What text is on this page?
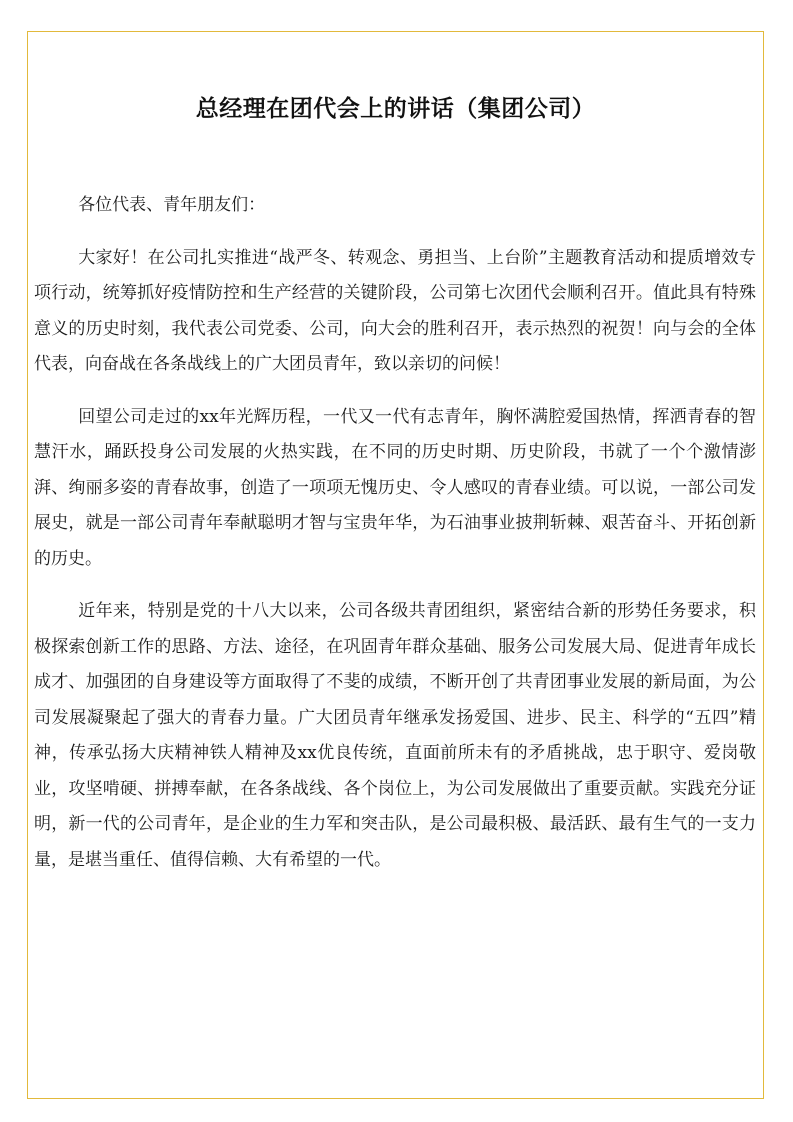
总经理在团代会上的讲话（集团公司）

各位代表、青年朋友们：

大家好！在公司扎实推进“战严冬、转观念、勇担当、上台阶”主题教育活动和提质增效专项行动，统筹抓好疫情防控和生产经营的关键阶段，公司第七次团代会顺利召开。值此具有特殊意义的历史时刻，我代表公司党委、公司，向大会的胜利召开，表示热烈的祝贺！向与会的全体代表，向奋战在各条战线上的广大团员青年，致以亲切的问候！

回望公司走过的xx年光辉历程，一代又一代有志青年，胸怀满腔爱国热情，挥洒青春的智慧汗水，踊跃投身公司发展的火热实践，在不同的历史时期、历史阶段，书就了一个个激情澎湃、绚丽多姿的青春故事，创造了一项项无愧历史、令人感叹的青春业绩。可以说，一部公司发展史，就是一部公司青年奉献聪明才智与宝贵年华，为石油事业披荆斩棘、艰苦奋斗、开拓创新的历史。

近年来，特别是党的十八大以来，公司各级共青团组织，紧密结合新的形势任务要求，积极探索创新工作的思路、方法、途径，在巩固青年群众基础、服务公司发展大局、促进青年成长成才、加强团的自身建设等方面取得了不斐的成绩，不断开创了共青团事业发展的新局面，为公司发展凝聚起了强大的青春力量。广大团员青年继承发扬爱国、进步、民主、科学的“五四”精神，传承弘扬大庆精神铁人精神及xx优良传统，直面前所未有的矛盾挑战，忠于职守、爱岗敬业，攻坚啃硬、拼搏奉献，在各条战线、各个岗位上，为公司发展做出了重要贡献。实践充分证明，新一代的公司青年，是企业的生力军和突击队，是公司最积极、最活跃、最有生气的一支力量，是堪当重任、值得信赖、大有希望的一代。
